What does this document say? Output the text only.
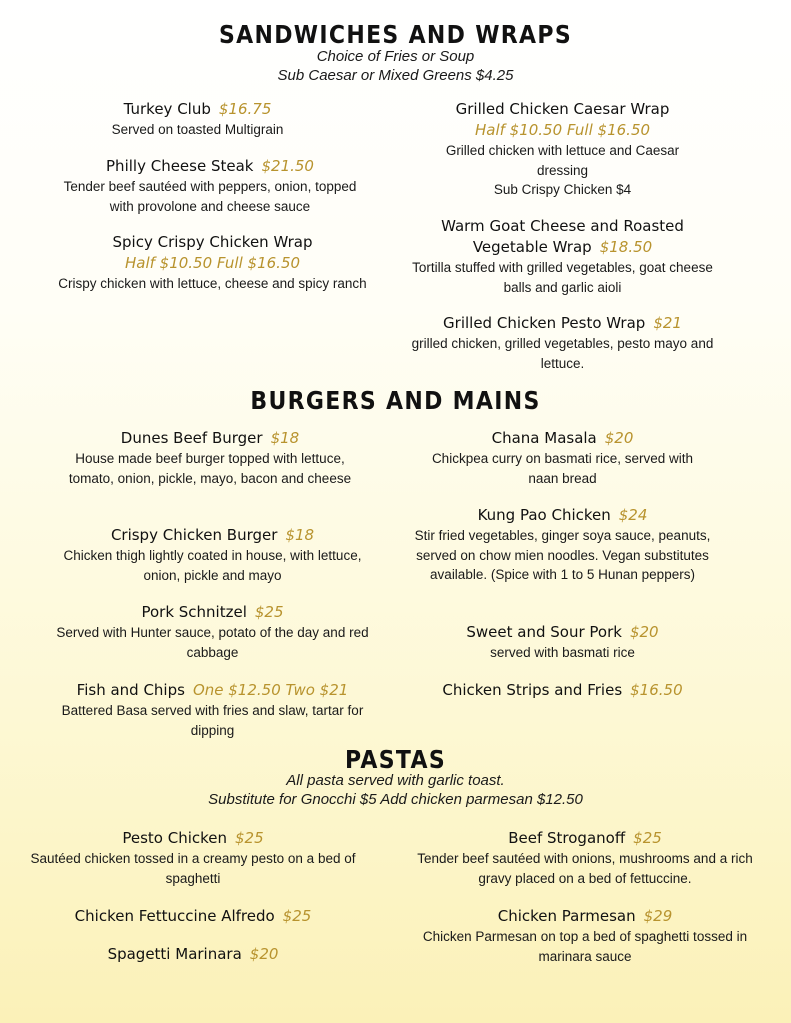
SANDWICHES AND WRAPS
Choice of Fries or Soup
Sub Caesar or Mixed Greens $4.25
Turkey Club $16.75
Served on toasted Multigrain
Philly Cheese Steak $21.50
Tender beef sautéed with peppers, onion, topped with provolone and cheese sauce
Spicy Crispy Chicken Wrap
Half $10.50 Full $16.50
Crispy chicken with lettuce, cheese and spicy ranch
Grilled Chicken Caesar Wrap
Half $10.50 Full $16.50
Grilled chicken with lettuce and Caesar dressing
Sub Crispy Chicken $4
Warm Goat Cheese and Roasted Vegetable Wrap $18.50
Tortilla stuffed with grilled vegetables, goat cheese balls and garlic aioli
Grilled Chicken Pesto Wrap $21
grilled chicken, grilled vegetables, pesto mayo and lettuce.
BURGERS AND MAINS
Dunes Beef Burger $18
House made beef burger topped with lettuce, tomato, onion, pickle, mayo, bacon and cheese
Crispy Chicken Burger $18
Chicken thigh lightly coated in house, with lettuce, onion, pickle and mayo
Pork Schnitzel $25
Served with Hunter sauce, potato of the day and red cabbage
Fish and Chips One $12.50 Two $21
Battered Basa served with fries and slaw, tartar for dipping
Chana Masala $20
Chickpea curry on basmati rice, served with naan bread
Kung Pao Chicken $24
Stir fried vegetables, ginger soya sauce, peanuts, served on chow mien noodles. Vegan substitutes available. (Spice with 1 to 5 Hunan peppers)
Sweet and Sour Pork $20
served with basmati rice
Chicken Strips and Fries $16.50
PASTAS
All pasta served with garlic toast.
Substitute for Gnocchi $5 Add chicken parmesan $12.50
Pesto Chicken $25
Sautéed chicken tossed in a creamy pesto on a bed of spaghetti
Chicken Fettuccine Alfredo $25
Spagetti Marinara $20
Beef Stroganoff $25
Tender beef sautéed with onions, mushrooms and a rich gravy placed on a bed of fettuccine.
Chicken Parmesan $29
Chicken Parmesan on top a bed of spaghetti tossed in marinara sauce
